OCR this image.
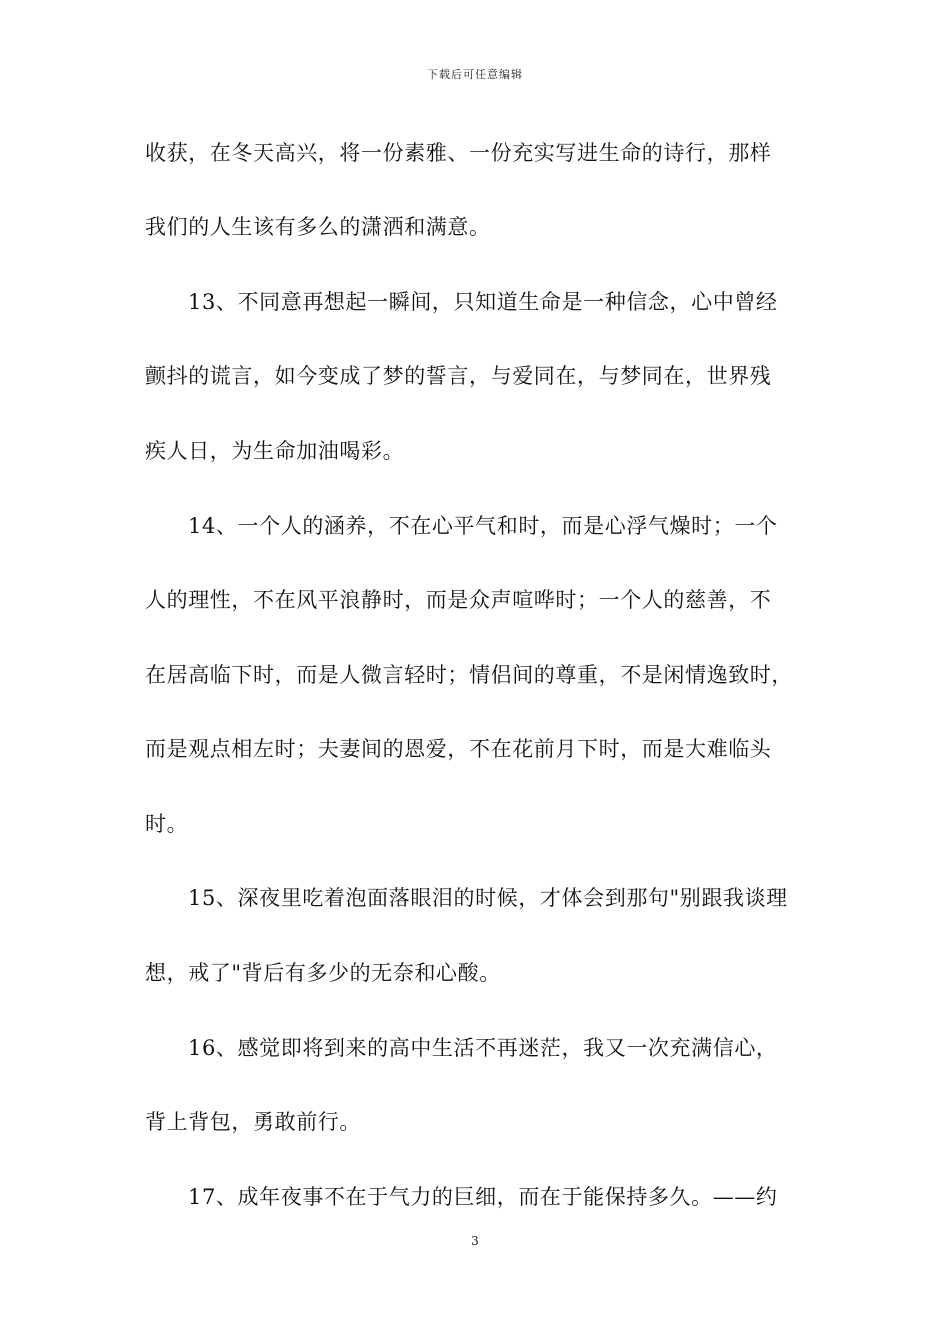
下载后可任意编辑
收获，在冬天高兴，将一份素雅、一份充实写进生命的诗行，那样
我们的人生该有多么的潇洒和满意。
13、不同意再想起一瞬间，只知道生命是一种信念，心中曾经
颤抖的谎言，如今变成了梦的誓言，与爱同在，与梦同在，世界残
疾人日，为生命加油喝彩。
14、一个人的涵养，不在心平气和时，而是心浮气燥时；一个
人的理性，不在风平浪静时，而是众声喧哗时；一个人的慈善，不
在居高临下时，而是人微言轻时；情侣间的尊重，不是闲情逸致时，
而是观点相左时；夫妻间的恩爱，不在花前月下时，而是大难临头
时。
15、深夜里吃着泡面落眼泪的时候，才体会到那句"别跟我谈理
想，戒了"背后有多少的无奈和心酸。
16、感觉即将到来的高中生活不再迷茫，我又一次充满信心，
背上背包，勇敢前行。
17、成年夜事不在于气力的巨细，而在于能保持多久。——约
3
